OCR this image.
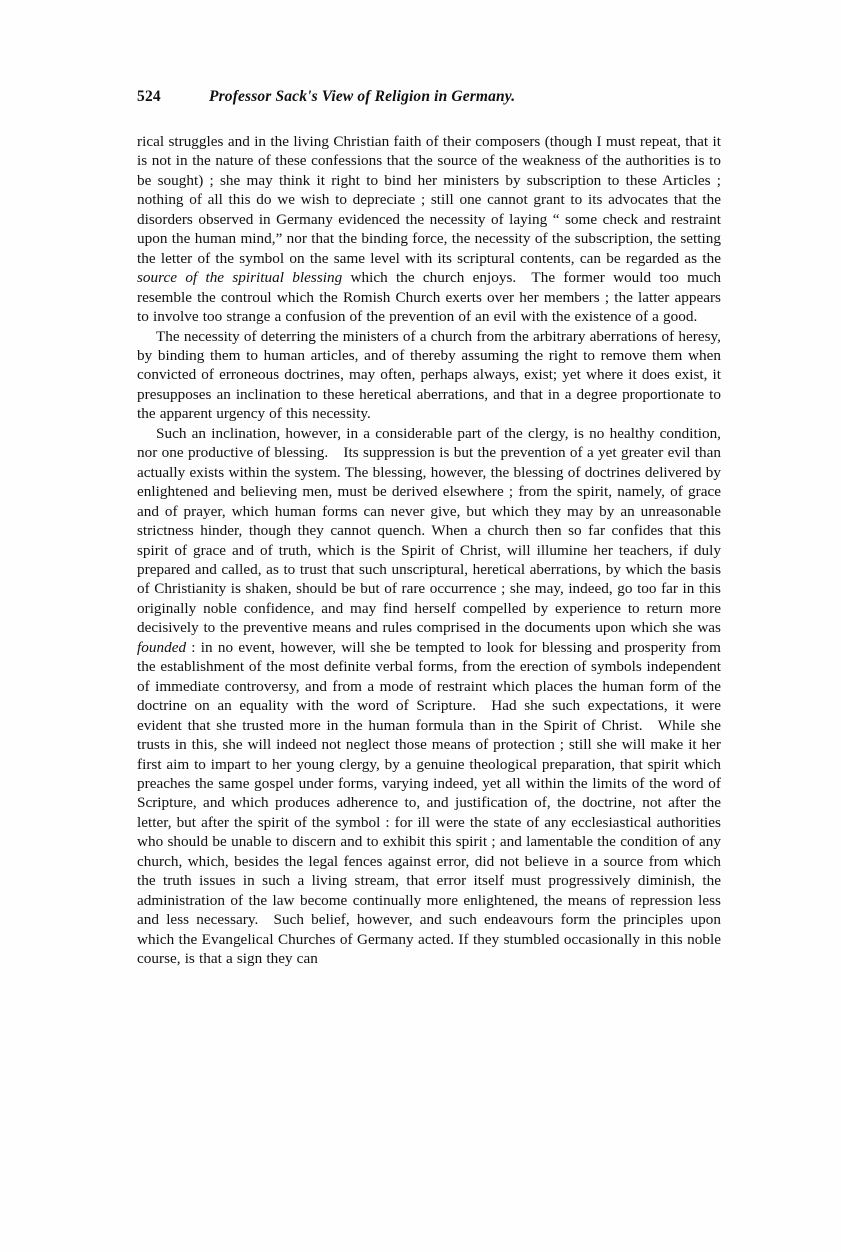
524	Professor Sack's View of Religion in Germany.

rical struggles and in the living Christian faith of their composers (though I must repeat, that it is not in the nature of these confessions that the source of the weakness of the authorities is to be sought) ; she may think it right to bind her ministers by subscription to these Articles ; nothing of all this do we wish to depreciate ; still one cannot grant to its advocates that the disorders observed in Germany evidenced the necessity of laying “ some check and restraint upon the human mind,” nor that the binding force, the necessity of the subscription, the setting the letter of the symbol on the same level with its scriptural contents, can be regarded as the source of the spiritual blessing which the church enjoys. The former would too much resemble the controul which the Romish Church exerts over her members ; the latter appears to involve too strange a confusion of the prevention of an evil with the existence of a good.

The necessity of deterring the ministers of a church from the arbitrary aberrations of heresy, by binding them to human articles, and of thereby assuming the right to remove them when convicted of erroneous doctrines, may often, perhaps always, exist; yet where it does exist, it presupposes an inclination to these heretical aberrations, and that in a degree proportionate to the apparent urgency of this necessity.

Such an inclination, however, in a considerable part of the clergy, is no healthy condition, nor one productive of blessing. Its suppression is but the prevention of a yet greater evil than actually exists within the system. The blessing, however, the blessing of doctrines delivered by enlightened and believing men, must be derived elsewhere ; from the spirit, namely, of grace and of prayer, which human forms can never give, but which they may by an unreasonable strictness hinder, though they cannot quench. When a church then so far confides that this spirit of grace and of truth, which is the Spirit of Christ, will illumine her teachers, if duly prepared and called, as to trust that such unscriptural, heretical aberrations, by which the basis of Christianity is shaken, should be but of rare occurrence ; she may, indeed, go too far in this originally noble confidence, and may find herself compelled by experience to return more decisively to the preventive means and rules comprised in the documents upon which she was founded : in no event, however, will she be tempted to look for blessing and prosperity from the establishment of the most definite verbal forms, from the erection of symbols independent of immediate controversy, and from a mode of restraint which places the human form of the doctrine on an equality with the word of Scripture. Had she such expectations, it were evident that she trusted more in the human formula than in the Spirit of Christ. While she trusts in this, she will indeed not neglect those means of protection ; still she will make it her first aim to impart to her young clergy, by a genuine theological preparation, that spirit which preaches the same gospel under forms, varying indeed, yet all within the limits of the word of Scripture, and which produces adherence to, and justification of, the doctrine, not after the letter, but after the spirit of the symbol : for ill were the state of any ecclesiastical authorities who should be unable to discern and to exhibit this spirit ; and lamentable the condition of any church, which, besides the legal fences against error, did not believe in a source from which the truth issues in such a living stream, that error itself must progressively diminish, the administration of the law become continually more enlightened, the means of repression less and less necessary. Such belief, however, and such endeavours form the principles upon which the Evangelical Churches of Germany acted. If they stumbled occasionally in this noble course, is that a sign they can
